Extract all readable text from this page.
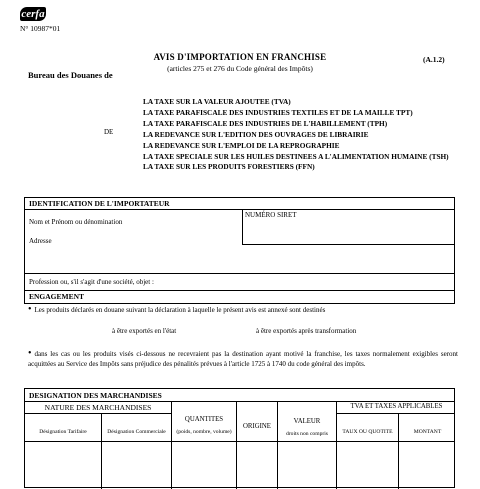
cerfa
N° 10987*01
AVIS D'IMPORTATION EN FRANCHISE	(A.1.2)
(articles 275 et 276 du Code général des Impôts)
Bureau des Douanes de
DE
LA TAXE SUR LA VALEUR AJOUTEE (TVA)
LA TAXE PARAFISCALE DES INDUSTRIES TEXTILES ET DE LA MAILLE TPT)
LA TAXE PARAFISCALE DES INDUSTRIES DE L'HABILLEMENT (TPH)
LA REDEVANCE SUR L'EDITION DES OUVRAGES DE LIBRAIRIE
LA REDEVANCE SUR L'EMPLOI DE LA REPROGRAPHIE
LA TAXE SPECIALE SUR LES HUILES DESTINEES A L'ALIMENTATION HUMAINE (TSH)
LA TAXE SUR LES PRODUITS FORESTIERS (FFN)
IDENTIFICATION DE L'IMPORTATEUR
Nom et Prénom ou dénomination
NUMÉRO SIRET
Adresse
Profession ou, s'il s'agit d'une société, objet :
ENGAGEMENT
• Les produits déclarés en douane suivant la déclaration à laquelle le présent avis est annexé sont destinés
à être exportés en l'état	à être exportés après transformation
• dans les cas ou les produits visés ci-dessous ne recevraient pas la destination ayant motivé la franchise, les taxes normalement exigibles seront acquittées au Service des Impôts sans préjudice des pénalités prévues à l'article 1725 à 1740 du code général des impôts.
DESIGNATION DES MARCHANDISES
NATURE DES MARCHANDISES
Désignation Tarifaire	Désignation Commerciale
QUANTITES
(poids, nombre, volume)
ORIGINE
VALEUR
droits non compris
TVA ET TAXES APPLICABLES
TAUX OU QUOTITE	MONTANT
